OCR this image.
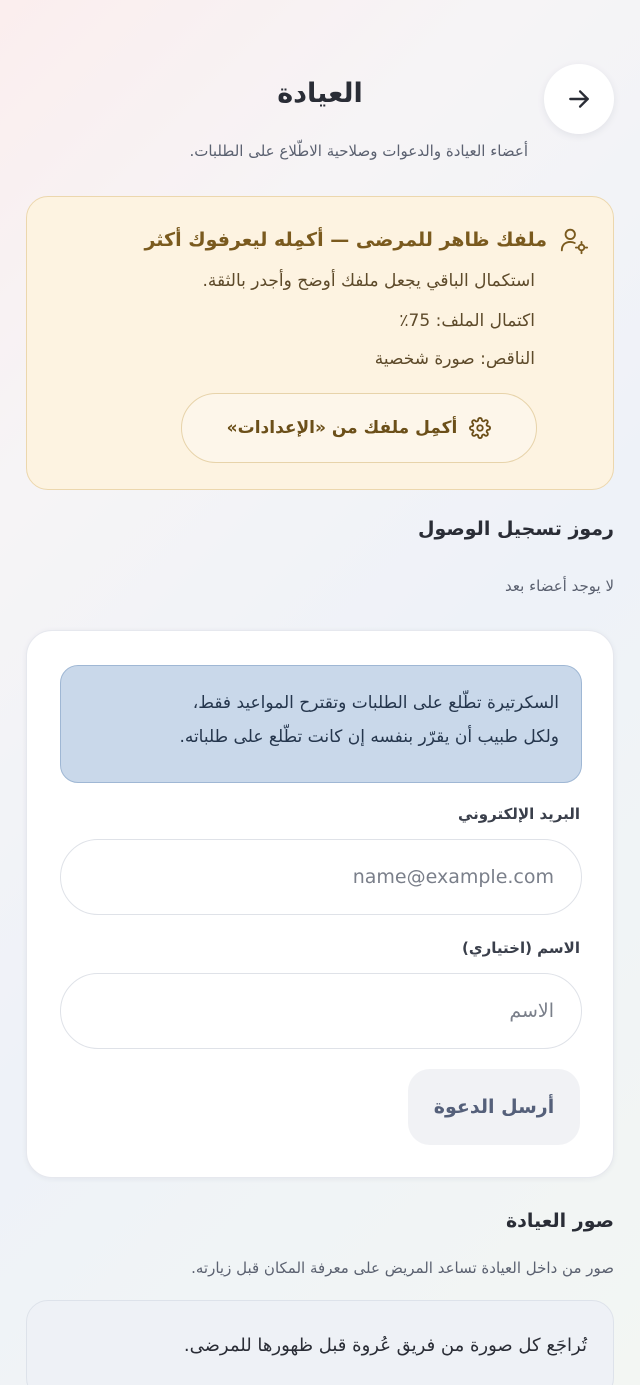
العيادة

أعضاء العيادة والدعوات وصلاحية الاطّلاع على الطلبات.

ملفك ظاهر للمرضى — أكمِله ليعرفوك أكثر
استكمال الباقي يجعل ملفك أوضح وأجدر بالثقة.
اكتمال الملف: 75٪
الناقص: صورة شخصية
أكمِل ملفك من «الإعدادات»
رموز تسجيل الوصول

لا يوجد أعضاء بعد

السكرتيرة تطّلع على الطلبات وتقترح المواعيد فقط،
ولكل طبيب أن يقرّر بنفسه إن كانت تطّلع على طلباته.
البريد الإلكتروني
name@example.com
الاسم (اختياري)
الاسم
أرسل الدعوة
صور العيادة

صور من داخل العيادة تساعد المريض على معرفة المكان قبل زيارته.

تُراجَع كل صورة من فريق عُروة قبل ظهورها للمرضى.
